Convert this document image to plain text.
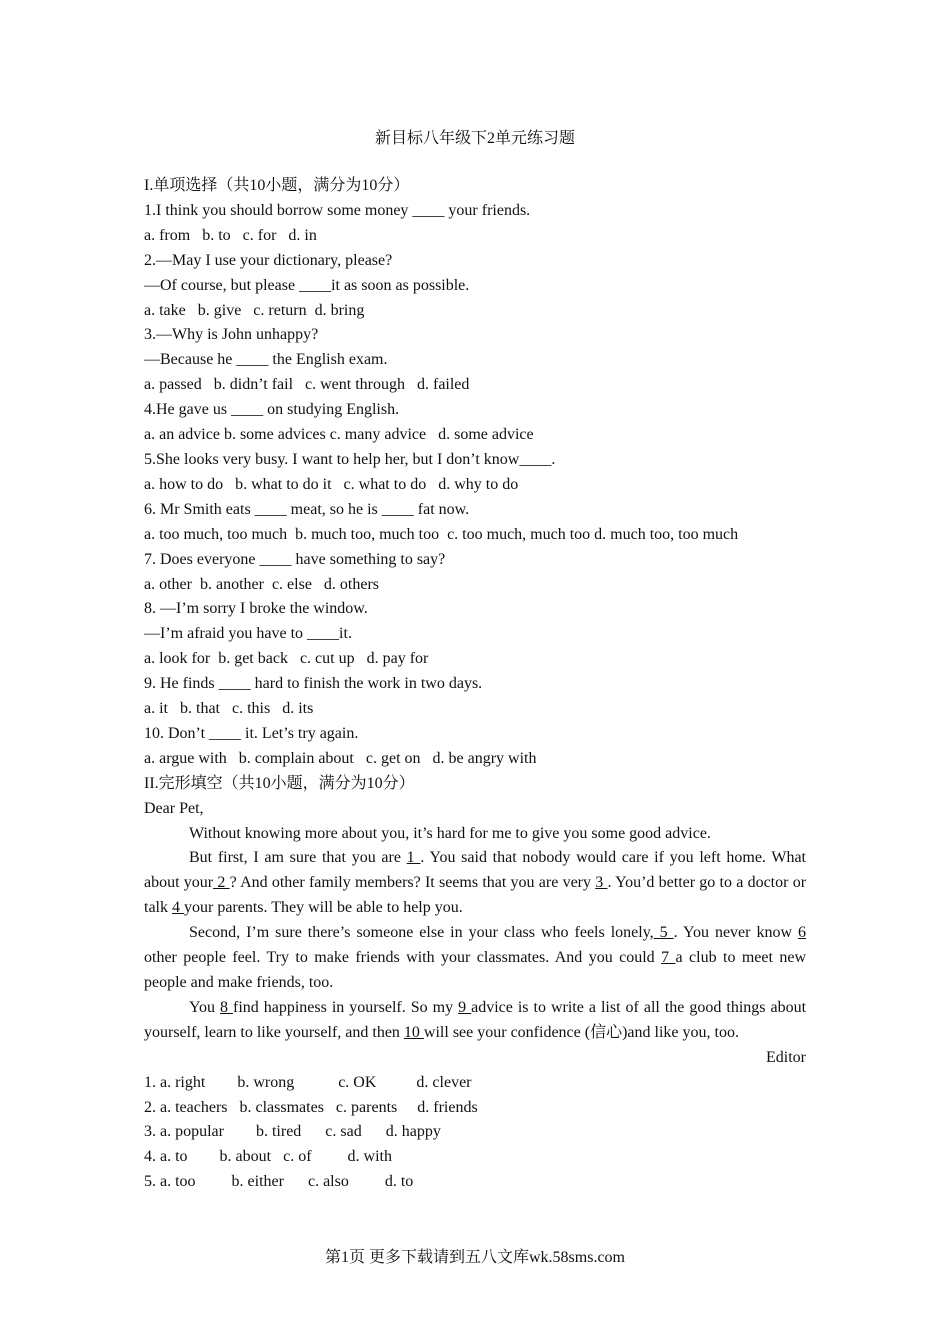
新目标八年级下2单元练习题
I.单项选择（共10小题，满分为10分）
1.I think you should borrow some money ____ your friends.
a. from   b. to   c. for   d. in
2.—May I use your dictionary, please?
—Of course, but please ____it as soon as possible.
a. take   b. give   c. return  d. bring
3.—Why is John unhappy?
—Because he ____ the English exam.
a. passed   b. didn’t fail   c. went through   d. failed
4.He gave us ____ on studying English.
a. an advice b. some advices c. many advice   d. some advice
5.She looks very busy. I want to help her, but I don’t know____.
a. how to do   b. what to do it   c. what to do   d. why to do
6. Mr Smith eats ____ meat, so he is ____ fat now.
a. too much, too much  b. much too, much too  c. too much, much too d. much too, too much
7. Does everyone ____ have something to say?
a. other  b. another  c. else   d. others
8. —I’m sorry I broke the window.
—I’m afraid you have to ____it.
a. look for  b. get back   c. cut up   d. pay for
9. He finds ____ hard to finish the work in two days.
a. it   b. that   c. this   d. its
10. Don’t ____ it. Let’s try again.
a. argue with   b. complain about   c. get on   d. be angry with
II.完形填空（共10小题，满分为10分）
Dear Pet,
Without knowing more about you, it’s hard for me to give you some good advice.
But first, I am sure that you are 1 . You said that nobody would care if you left home. What about your 2 ? And other family members? It seems that you are very 3 . You’d better go to a doctor or talk 4 your parents. They will be able to help you.
Second, I’m sure there’s someone else in your class who feels lonely, 5 . You never know 6 other people feel. Try to make friends with your classmates. And you could 7 a club to meet new people and make friends, too.
You 8 find happiness in yourself. So my 9 advice is to write a list of all the good things about yourself, learn to like yourself, and then 10 will see your confidence (信心)and like you, too.
Editor
1. a. right        b. wrong           c. OK          d. clever
2. a. teachers   b. classmates   c. parents     d. friends
3. a. popular        b. tired      c. sad      d. happy
4. a. to        b. about   c. of         d. with
5. a. too         b. either      c. also         d. to
第1页 更多下载请到五八文库wk.58sms.com
